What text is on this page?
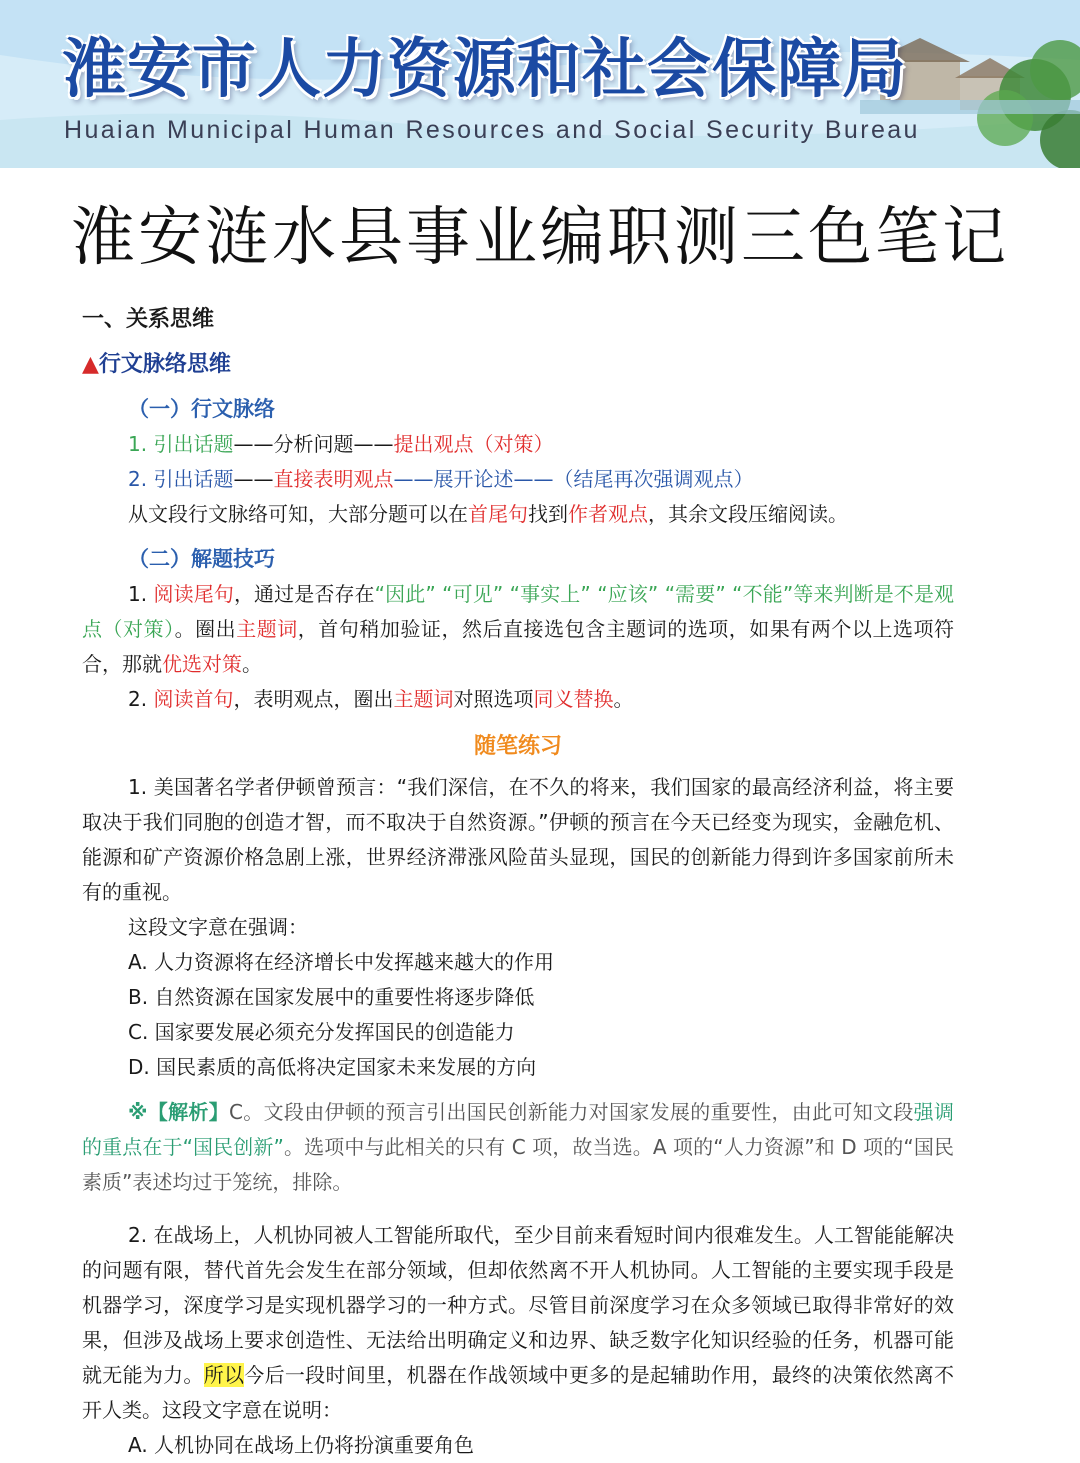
淮安市人力资源和社会保障局
Huaian Municipal Human Resources and Social Security Bureau
淮安涟水县事业编职测三色笔记

一、关系思维

▲行文脉络思维

（一）行文脉络

1. 引出话题——分析问题——提出观点（对策）

2. 引出话题——直接表明观点——展开论述——（结尾再次强调观点）

从文段行文脉络可知，大部分题可以在首尾句找到作者观点，其余文段压缩阅读。

（二）解题技巧

1. 阅读尾句，通过是否存在“因此” “可见” “事实上” “应该” “需要” “不能”等来判断是不是观点（对策）。圈出主题词，首句稍加验证，然后直接选包含主题词的选项，如果有两个以上选项符合，那就优选对策。

2. 阅读首句，表明观点，圈出主题词对照选项同义替换。

随笔练习

1. 美国著名学者伊顿曾预言：“我们深信，在不久的将来，我们国家的最高经济利益，将主要取决于我们同胞的创造才智，而不取决于自然资源。”伊顿的预言在今天已经变为现实，金融危机、能源和矿产资源价格急剧上涨，世界经济滞涨风险苗头显现，国民的创新能力得到许多国家前所未有的重视。

这段文字意在强调：

A. 人力资源将在经济增长中发挥越来越大的作用

B. 自然资源在国家发展中的重要性将逐步降低

C. 国家要发展必须充分发挥国民的创造能力

D. 国民素质的高低将决定国家未来发展的方向

※【解析】C。文段由伊顿的预言引出国民创新能力对国家发展的重要性，由此可知文段强调的重点在于“国民创新”。选项中与此相关的只有 C 项，故当选。A 项的“人力资源”和 D 项的“国民素质”表述均过于笼统，排除。

2. 在战场上，人机协同被人工智能所取代，至少目前来看短时间内很难发生。人工智能能解决的问题有限，替代首先会发生在部分领域，但却依然离不开人机协同。人工智能的主要实现手段是机器学习，深度学习是实现机器学习的一种方式。尽管目前深度学习在众多领域已取得非常好的效果，但涉及战场上要求创造性、无法给出明确定义和边界、缺乏数字化知识经验的任务，机器可能就无能为力。所以今后一段时间里，机器在作战领域中更多的是起辅助作用，最终的决策依然离不开人类。这段文字意在说明：

A. 人机协同在战场上仍将扮演重要角色
